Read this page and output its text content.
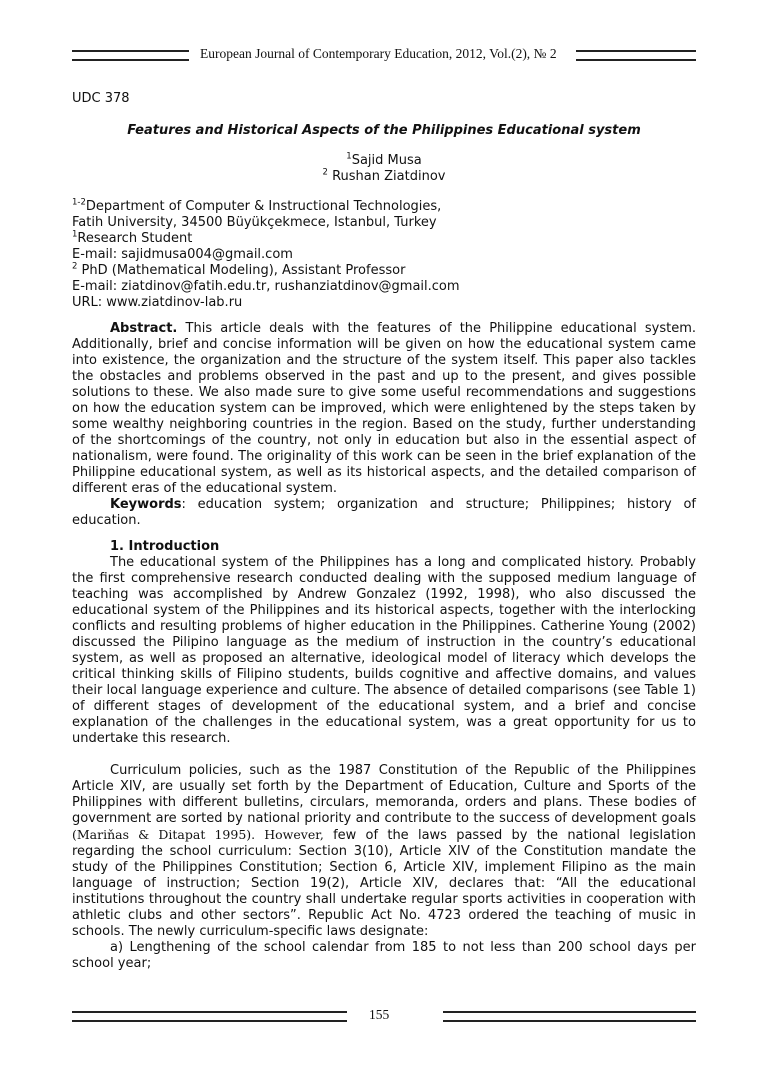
European Journal of Contemporary Education, 2012, Vol.(2), № 2
UDC 378
Features and Historical Aspects of the Philippines Educational system
$^1$Sajid Musa
$^2$ Rushan Ziatdinov
$^{1-2}$Department of Computer & Instructional Technologies,
Fatih University, 34500 Büyükçekmece, Istanbul, Turkey
$^1$Research Student
E-mail: sajidmusa004@gmail.com
$^2$ PhD (Mathematical Modeling), Assistant Professor
E-mail: ziatdinov@fatih.edu.tr, rushanziatdinov@gmail.com
URL: www.ziatdinov-lab.ru

Abstract. This article deals with the features of the Philippine educational system. Additionally, brief and concise information will be given on how the educational system came into existence, the organization and the structure of the system itself. This paper also tackles the obstacles and problems observed in the past and up to the present, and gives possible solutions to these. We also made sure to give some useful recommendations and suggestions on how the education system can be improved, which were enlightened by the steps taken by some wealthy neighboring countries in the region. Based on the study, further understanding of the shortcomings of the country, not only in education but also in the essential aspect of nationalism, were found. The originality of this work can be seen in the brief explanation of the Philippine educational system, as well as its historical aspects, and the detailed comparison of different eras of the educational system.

Keywords: education system; organization and structure; Philippines; history of education.

1. Introduction

The educational system of the Philippines has a long and complicated history. Probably the first comprehensive research conducted dealing with the supposed medium language of teaching was accomplished by Andrew Gonzalez (1992, 1998), who also discussed the educational system of the Philippines and its historical aspects, together with the interlocking conflicts and resulting problems of higher education in the Philippines. Catherine Young (2002) discussed the Pilipino language as the medium of instruction in the country’s educational system, as well as proposed an alternative, ideological model of literacy which develops the critical thinking skills of Filipino students, builds cognitive and affective domains, and values their local language experience and culture. The absence of detailed comparisons (see Table 1) of different stages of development of the educational system, and a brief and concise explanation of the challenges in the educational system, was a great opportunity for us to undertake this research.

Curriculum policies, such as the 1987 Constitution of the Republic of the Philippines Article XIV, are usually set forth by the Department of Education, Culture and Sports of the Philippines with different bulletins, circulars, memoranda, orders and plans. These bodies of government are sorted by national priority and contribute to the success of development goals (Mariňas & Ditapat 1995). However, few of the laws passed by the national legislation regarding the school curriculum: Section 3(10), Article XIV of the Constitution mandate the study of the Philippines Constitution; Section 6, Article XIV, implement Filipino as the main language of instruction; Section 19(2), Article XIV, declares that: “All the educational institutions throughout the country shall undertake regular sports activities in cooperation with athletic clubs and other sectors”. Republic Act No. 4723 ordered the teaching of music in schools. The newly curriculum-specific laws designate:

a) Lengthening of the school calendar from 185 to not less than 200 school days per school year;

155
